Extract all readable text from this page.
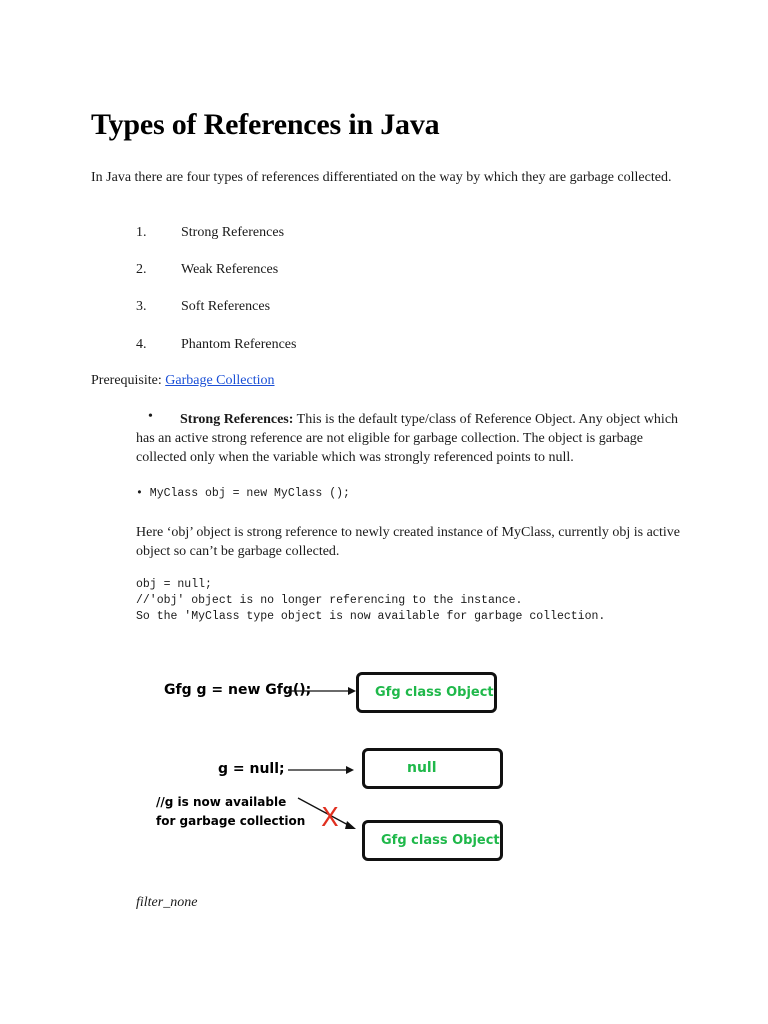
Types of References in Java
In Java there are four types of references differentiated on the way by which they are garbage collected.
1. Strong References
2. Weak References
3. Soft References
4. Phantom References
Prerequisite: Garbage Collection
•	Strong References: This is the default type/class of Reference Object. Any object which has an active strong reference are not eligible for garbage collection. The object is garbage collected only when the variable which was strongly referenced points to null.
• MyClass obj = new MyClass ();
Here ‘obj’ object is strong reference to newly created instance of MyClass, currently obj is active object so can’t be garbage collected.
obj = null;
//'obj' object is no longer referencing to the instance.
So the 'MyClass type object is now available for garbage collection.
Gfg g = new Gfg();	Gfg class Object
g = null;	null
//g is now available for garbage collection X
Gfg class Object
filter_none
